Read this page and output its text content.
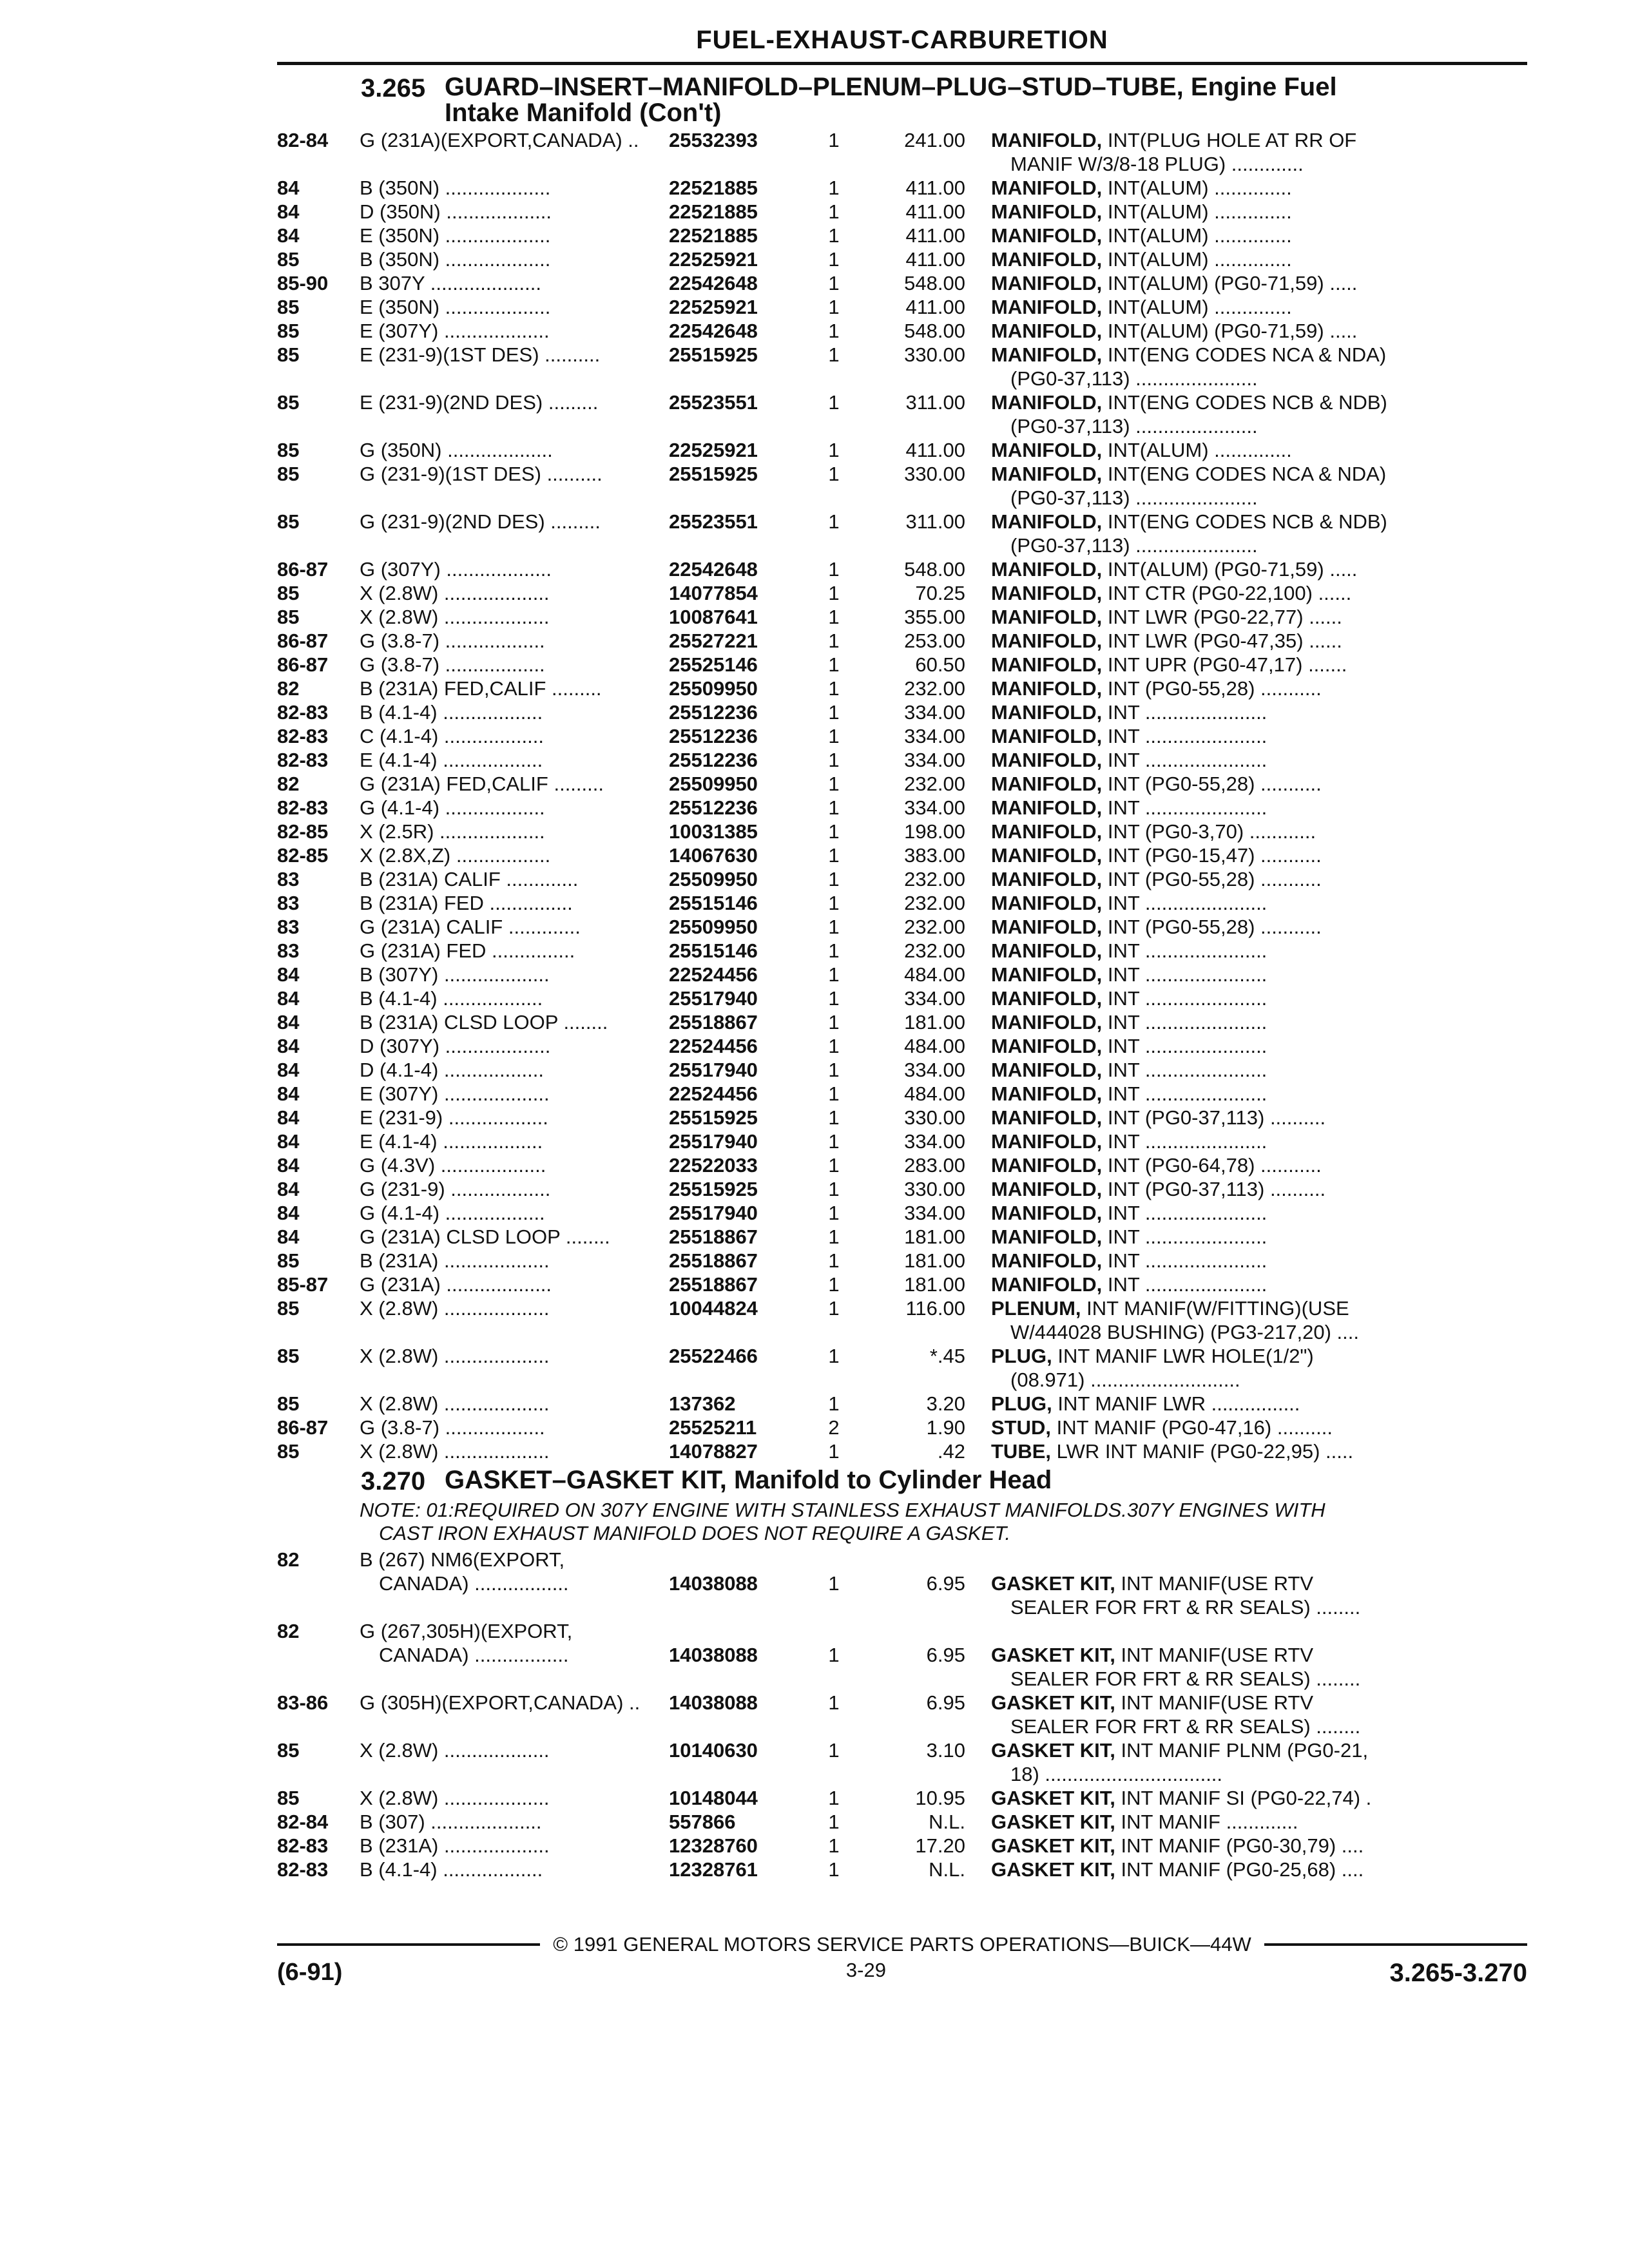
FUEL-EXHAUST-CARBURETION
3.265 GUARD–INSERT–MANIFOLD–PLENUM–PLUG–STUD–TUBE, Engine Fuel
Intake Manifold (Con't)
82-84	G (231A)(EXPORT,CANADA) ..	25532393	1	241.00	MANIFOLD, INT(PLUG HOLE AT RR OF
MANIF W/3/8-18 PLUG) .............
84	B (350N) ...................	22521885	1	411.00	MANIFOLD, INT(ALUM) ..............
84	D (350N) ...................	22521885	1	411.00	MANIFOLD, INT(ALUM) ..............
84	E (350N) ...................	22521885	1	411.00	MANIFOLD, INT(ALUM) ..............
85	B (350N) ...................	22525921	1	411.00	MANIFOLD, INT(ALUM) ..............
85-90	B 307Y ....................	22542648	1	548.00	MANIFOLD, INT(ALUM) (PG0-71,59) .....
85	E (350N) ...................	22525921	1	411.00	MANIFOLD, INT(ALUM) ..............
85	E (307Y) ...................	22542648	1	548.00	MANIFOLD, INT(ALUM) (PG0-71,59) .....
85	E (231-9)(1ST DES) ..........	25515925	1	330.00	MANIFOLD, INT(ENG CODES NCA & NDA)
(PG0-37,113) ......................
85	E (231-9)(2ND DES) .........	25523551	1	311.00	MANIFOLD, INT(ENG CODES NCB & NDB)
(PG0-37,113) ......................
85	G (350N) ...................	22525921	1	411.00	MANIFOLD, INT(ALUM) ..............
85	G (231-9)(1ST DES) ..........	25515925	1	330.00	MANIFOLD, INT(ENG CODES NCA & NDA)
(PG0-37,113) ......................
85	G (231-9)(2ND DES) .........	25523551	1	311.00	MANIFOLD, INT(ENG CODES NCB & NDB)
(PG0-37,113) ......................
86-87	G (307Y) ...................	22542648	1	548.00	MANIFOLD, INT(ALUM) (PG0-71,59) .....
85	X (2.8W) ...................	14077854	1	70.25	MANIFOLD, INT CTR (PG0-22,100) ......
85	X (2.8W) ...................	10087641	1	355.00	MANIFOLD, INT LWR (PG0-22,77) ......
86-87	G (3.8-7) ..................	25527221	1	253.00	MANIFOLD, INT LWR (PG0-47,35) ......
86-87	G (3.8-7) ..................	25525146	1	60.50	MANIFOLD, INT UPR (PG0-47,17) .......
82	B (231A) FED,CALIF .........	25509950	1	232.00	MANIFOLD, INT (PG0-55,28) ...........
82-83	B (4.1-4) ..................	25512236	1	334.00	MANIFOLD, INT ......................
82-83	C (4.1-4) ..................	25512236	1	334.00	MANIFOLD, INT ......................
82-83	E (4.1-4) ..................	25512236	1	334.00	MANIFOLD, INT ......................
82	G (231A) FED,CALIF .........	25509950	1	232.00	MANIFOLD, INT (PG0-55,28) ...........
82-83	G (4.1-4) ..................	25512236	1	334.00	MANIFOLD, INT ......................
82-85	X (2.5R) ...................	10031385	1	198.00	MANIFOLD, INT (PG0-3,70) ............
82-85	X (2.8X,Z) .................	14067630	1	383.00	MANIFOLD, INT (PG0-15,47) ...........
83	B (231A) CALIF .............	25509950	1	232.00	MANIFOLD, INT (PG0-55,28) ...........
83	B (231A) FED ...............	25515146	1	232.00	MANIFOLD, INT ......................
83	G (231A) CALIF .............	25509950	1	232.00	MANIFOLD, INT (PG0-55,28) ...........
83	G (231A) FED ...............	25515146	1	232.00	MANIFOLD, INT ......................
84	B (307Y) ...................	22524456	1	484.00	MANIFOLD, INT ......................
84	B (4.1-4) ..................	25517940	1	334.00	MANIFOLD, INT ......................
84	B (231A) CLSD LOOP ........	25518867	1	181.00	MANIFOLD, INT ......................
84	D (307Y) ...................	22524456	1	484.00	MANIFOLD, INT ......................
84	D (4.1-4) ..................	25517940	1	334.00	MANIFOLD, INT ......................
84	E (307Y) ...................	22524456	1	484.00	MANIFOLD, INT ......................
84	E (231-9) ..................	25515925	1	330.00	MANIFOLD, INT (PG0-37,113) ..........
84	E (4.1-4) ..................	25517940	1	334.00	MANIFOLD, INT ......................
84	G (4.3V) ...................	22522033	1	283.00	MANIFOLD, INT (PG0-64,78) ...........
84	G (231-9) ..................	25515925	1	330.00	MANIFOLD, INT (PG0-37,113) ..........
84	G (4.1-4) ..................	25517940	1	334.00	MANIFOLD, INT ......................
84	G (231A) CLSD LOOP ........	25518867	1	181.00	MANIFOLD, INT ......................
85	B (231A) ...................	25518867	1	181.00	MANIFOLD, INT ......................
85-87	G (231A) ...................	25518867	1	181.00	MANIFOLD, INT ......................
85	X (2.8W) ...................	10044824	1	116.00	PLENUM, INT MANIF(W/FITTING)(USE
W/444028 BUSHING) (PG3-217,20) ....
85	X (2.8W) ...................	25522466	1	*.45	PLUG, INT MANIF LWR HOLE(1/2")
(08.971) ...........................
85	X (2.8W) ...................	137362	1	3.20	PLUG, INT MANIF LWR ................
86-87	G (3.8-7) ..................	25525211	2	1.90	STUD, INT MANIF (PG0-47,16) ..........
85	X (2.8W) ...................	14078827	1	.42	TUBE, LWR INT MANIF (PG0-22,95) .....
3.270 GASKET–GASKET KIT, Manifold to Cylinder Head
NOTE: 01:REQUIRED ON 307Y ENGINE WITH STAINLESS EXHAUST MANIFOLDS.307Y ENGINES WITH

CAST IRON EXHAUST MANIFOLD DOES NOT REQUIRE A GASKET.
82	B (267) NM6(EXPORT,
CANADA) .................	14038088	1	6.95	GASKET KIT, INT MANIF(USE RTV
SEALER FOR FRT & RR SEALS) ........
82	G (267,305H)(EXPORT,
CANADA) .................	14038088	1	6.95	GASKET KIT, INT MANIF(USE RTV
SEALER FOR FRT & RR SEALS) ........
83-86	G (305H)(EXPORT,CANADA) ..	14038088	1	6.95	GASKET KIT, INT MANIF(USE RTV
SEALER FOR FRT & RR SEALS) ........
85	X (2.8W) ...................	10140630	1	3.10	GASKET KIT, INT MANIF PLNM (PG0-21,
18) ................................
85	X (2.8W) ...................	10148044	1	10.95	GASKET KIT, INT MANIF SI (PG0-22,74) .
82-84	B (307) ....................	557866	1	N.L.	GASKET KIT, INT MANIF .............
82-83	B (231A) ...................	12328760	1	17.20	GASKET KIT, INT MANIF (PG0-30,79) ....
82-83	B (4.1-4) ..................	12328761	1	N.L.	GASKET KIT, INT MANIF (PG0-25,68) ....
© 1991 GENERAL MOTORS SERVICE PARTS OPERATIONS—BUICK—44W
(6-91)	3-29	3.265-3.270
